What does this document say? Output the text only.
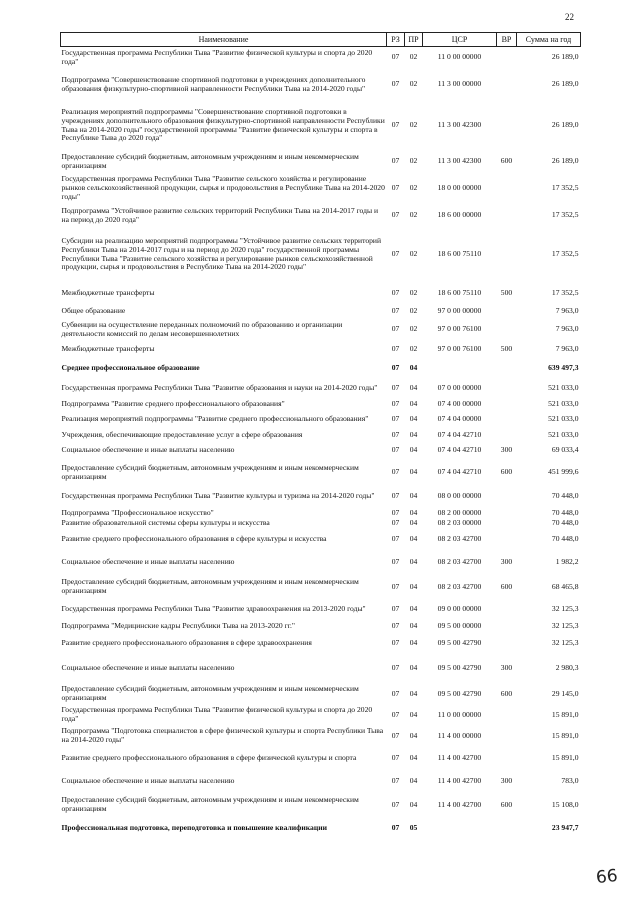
22
Наименование	РЗ	ПР	ЦСР	ВР	Сумма на год
Государственная программа Республики Тыва "Развитие физической культуры и спорта до 2020 года"	07	02	11 0 00 00000		26 189,0
Подпрограмма "Совершенствование спортивной подготовки в учреждениях дополнительного образования физкультурно-спортивной направленности Республики Тыва на 2014-2020 годы"	07	02	11 3 00 00000		26 189,0
Реализация мероприятий подпрограммы "Совершенствование спортивной подготовки в учреждениях дополнительного образования физкультурно-спортивной направленности Республики Тыва на 2014-2020 годы" государственной программы "Развитие физической культуры и спорта в Республике Тыва до 2020 года"	07	02	11 3 00 42300		26 189,0
Предоставление субсидий бюджетным, автономным учреждениям и иным некоммерческим организациям	07	02	11 3 00 42300	600	26 189,0
Государственная программа Республики Тыва "Развитие сельского хозяйства и регулирование рынков сельскохозяйственной продукции, сырья и продовольствия в Республике Тыва на 2014-2020 годы"	07	02	18 0 00 00000		17 352,5
Подпрограмма "Устойчивое развитие сельских территорий Республики Тыва на 2014-2017 годы и на период до 2020 года"	07	02	18 6 00 00000		17 352,5
Субсидии на реализацию мероприятий подпрограммы "Устойчивое развитие сельских территорий Республики Тыва на 2014-2017 годы и на период до 2020 года" государственной программы Республики Тыва "Развитие сельского хозяйства и регулирование рынков сельскохозяйственной продукции, сырья и продовольствия в Республике Тыва на 2014-2020 годы"	07	02	18 6 00 75110		17 352,5
Межбюджетные трансферты	07	02	18 6 00 75110	500	17 352,5
Общее образование	07	02	97 0 00 00000		7 963,0
Субвенции на осуществление переданных полномочий по образованию и организации деятельности комиссий по делам несовершеннолетних	07	02	97 0 00 76100		7 963,0
Межбюджетные трансферты	07	02	97 0 00 76100	500	7 963,0
Среднее профессиональное образование	07	04			639 497,3
Государственная программа Республики Тыва "Развитие образования и науки на 2014-2020 годы"	07	04	07 0 00 00000		521 033,0
Подпрограмма "Развитие среднего профессионального образования"	07	04	07 4 00 00000		521 033,0
Реализация мероприятий подпрограммы "Развитие среднего профессионального образования"	07	04	07 4 04 00000		521 033,0
Учреждения, обеспечивающие предоставление услуг в сфере образования	07	04	07 4 04 42710		521 033,0
Социальное обеспечение и иные выплаты населению	07	04	07 4 04 42710	300	69 033,4
Предоставление субсидий бюджетным, автономным учреждениям и иным некоммерческим организациям	07	04	07 4 04 42710	600	451 999,6
Государственная программа Республики Тыва "Развитие культуры и туризма на 2014-2020 годы"	07	04	08 0 00 00000		70 448,0
Подпрограмма "Профессиональное искусство"	07	04	08 2 00 00000		70 448,0
Развитие образовательной системы сферы культуры и искусства	07	04	08 2 03 00000		70 448,0
Развитие среднего профессионального образования в сфере культуры и искусства	07	04	08 2 03 42700		70 448,0
Социальное обеспечение и иные выплаты населению	07	04	08 2 03 42700	300	1 982,2
Предоставление субсидий бюджетным, автономным учреждениям и иным некоммерческим организациям	07	04	08 2 03 42700	600	68 465,8
Государственная программа Республики Тыва "Развитие здравоохранения на 2013-2020 годы"	07	04	09 0 00 00000		32 125,3
Подпрограмма "Медицинские кадры Республики Тыва на 2013-2020 гг."	07	04	09 5 00 00000		32 125,3
Развитие среднего профессионального образования в сфере здравоохранения	07	04	09 5 00 42790		32 125,3
Социальное обеспечение и иные выплаты населению	07	04	09 5 00 42790	300	2 980,3
Предоставление субсидий бюджетным, автономным учреждениям и иным некоммерческим организациям	07	04	09 5 00 42790	600	29 145,0
Государственная программа Республики Тыва "Развитие физической культуры и спорта до 2020 года"	07	04	11 0 00 00000		15 891,0
Подпрограмма "Подготовка специалистов в сфере физической культуры и спорта Республики Тыва на 2014-2020 годы"	07	04	11 4 00 00000		15 891,0
Развитие среднего профессионального образования в сфере физической культуры и спорта	07	04	11 4 00 42700		15 891,0
Социальное обеспечение и иные выплаты населению	07	04	11 4 00 42700	300	783,0
Предоставление субсидий бюджетным, автономным учреждениям и иным некоммерческим организациям	07	04	11 4 00 42700	600	15 108,0
Профессиональная подготовка, переподготовка и повышение квалификации	07	05			23 947,7
66
